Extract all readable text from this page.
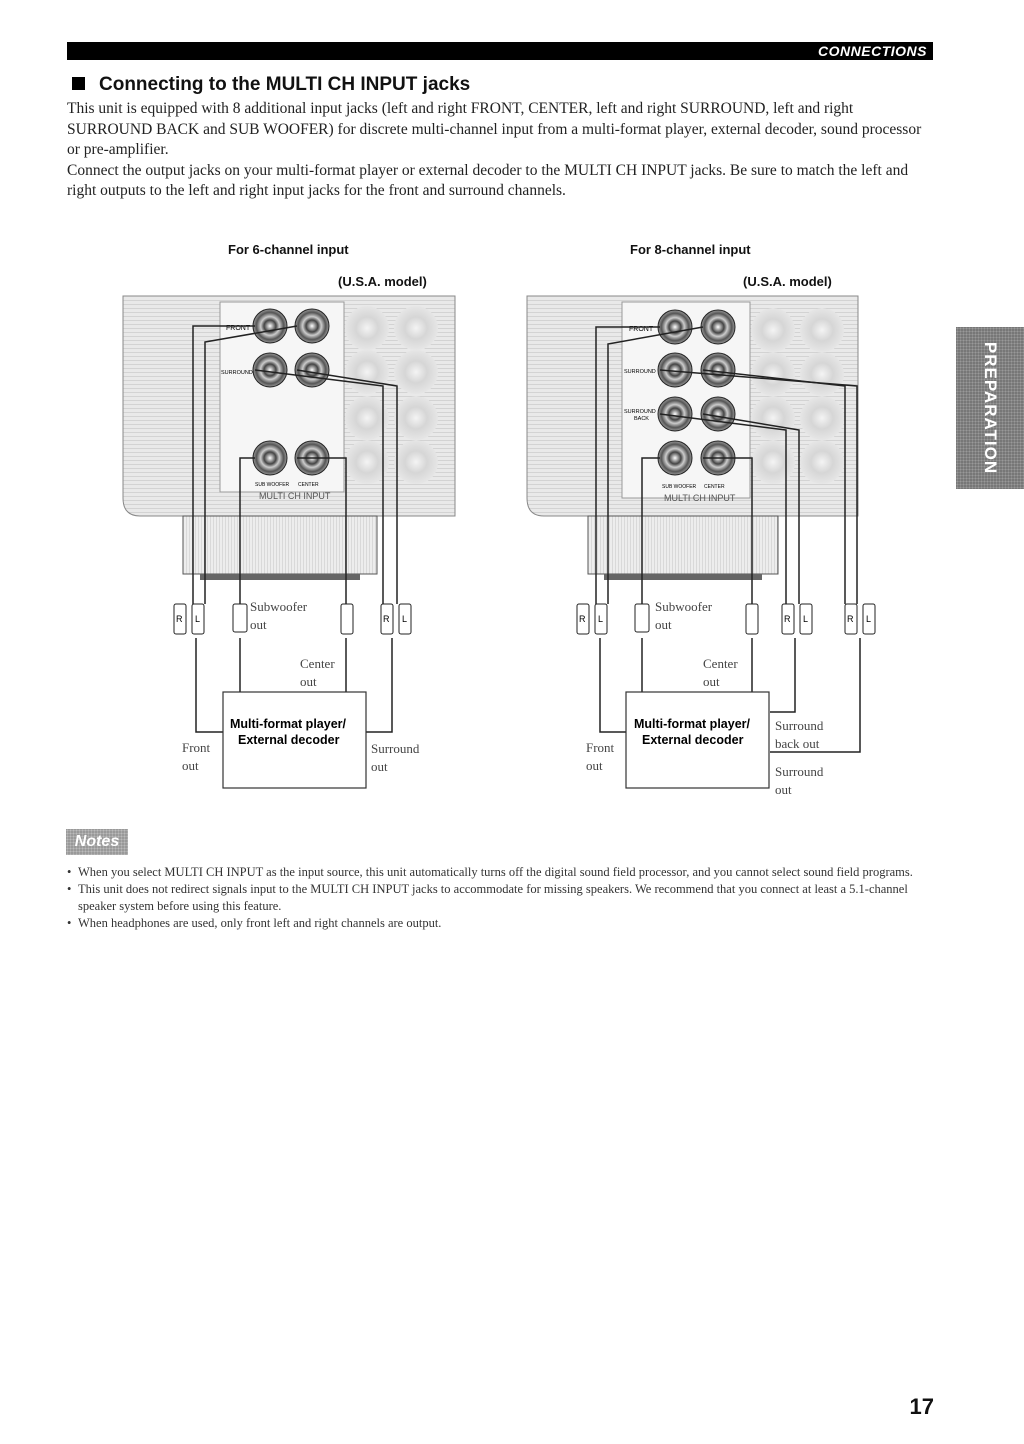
CONNECTIONS
Connecting to the MULTI CH INPUT jacks

This unit is equipped with 8 additional input jacks (left and right FRONT, CENTER, left and right SURROUND, left and right SURROUND BACK and SUB WOOFER) for discrete multi-channel input from a multi-format player, external decoder, sound processor or pre-amplifier.

Connect the output jacks on your multi-format player or external decoder to the MULTI CH INPUT jacks. Be sure to match the left and right outputs to the left and right input jacks for the front and surround channels.

PREPARATION
For 6-channel input
(U.S.A. model)
For 8-channel input
(U.S.A. model)
FRONT
SURROUND
SUB WOOFER CENTER
MULTI CH INPUT
R L	R L
Multi-format player/
External decoder
Subwoofer
out
Center
out
Front
out
Surround
out
FRONT
SURROUND
SURROUND
BACK
SUB WOOFER CENTER
MULTI CH INPUT
R L	R L	R L
Multi-format player/
External decoder
Subwoofer
out
Center
out
Front
out
Surround
back out
Surround
out
Notes
• When you select MULTI CH INPUT as the input source, this unit automatically turns off the digital sound field processor, and you cannot select sound field programs.
• This unit does not redirect signals input to the MULTI CH INPUT jacks to accommodate for missing speakers. We recommend that you connect at least a 5.1-channel speaker system before using this feature.
• When headphones are used, only front left and right channels are output.
17
